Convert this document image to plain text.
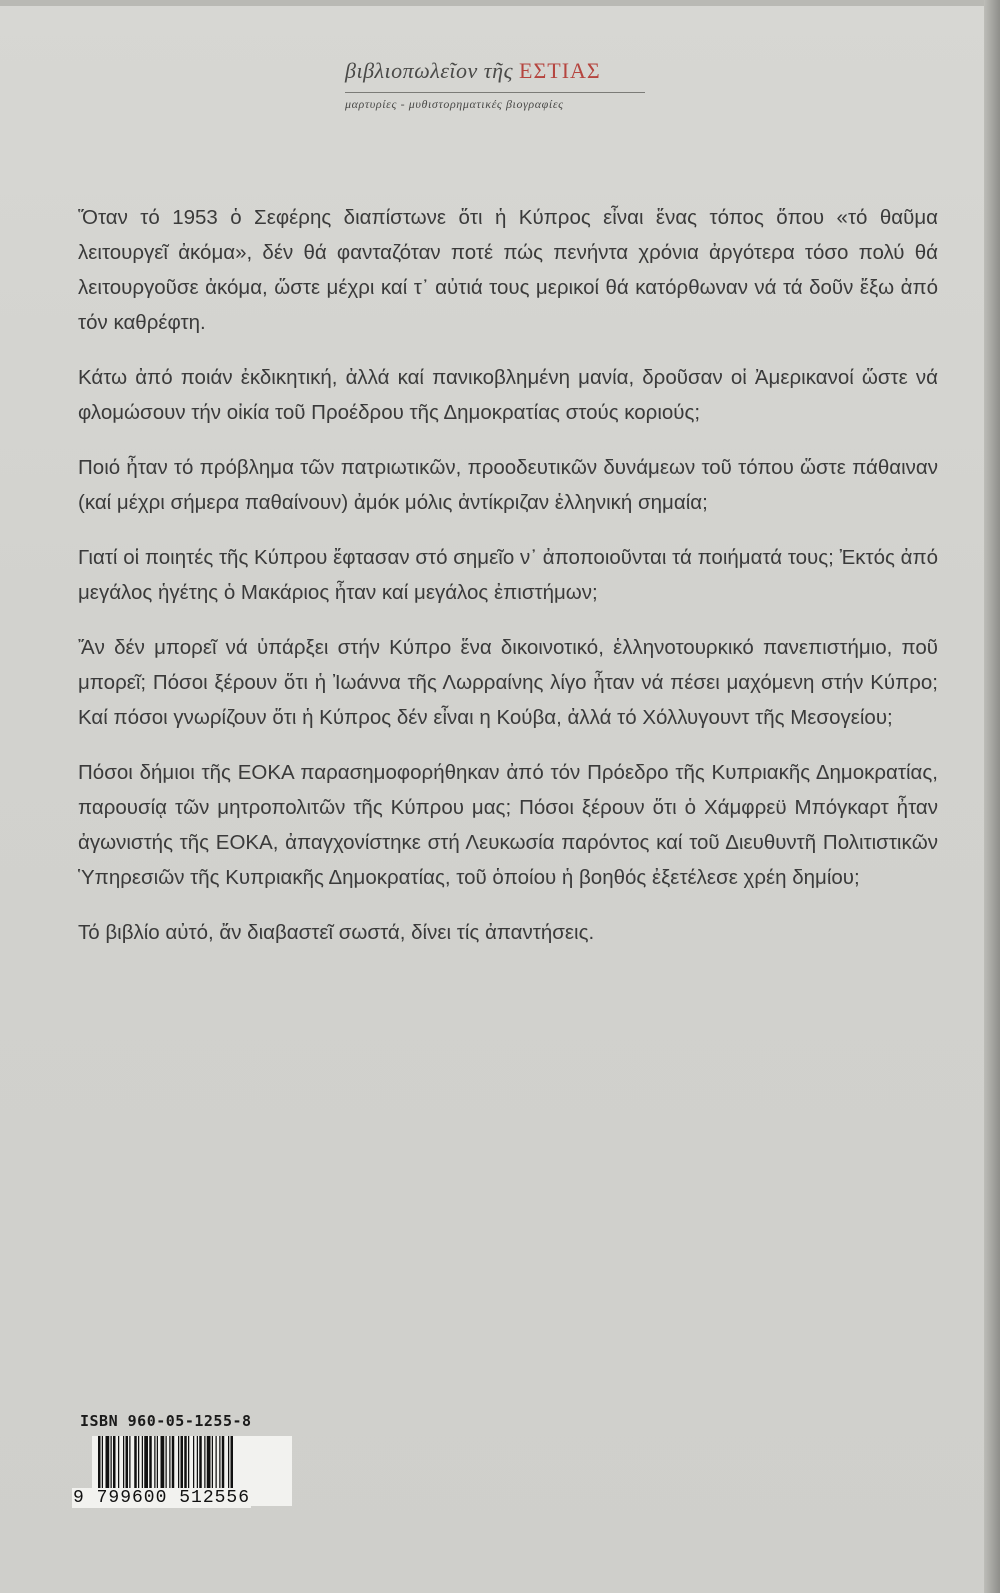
βιβλιοπωλεῖον τῆς ΕΣΤΙΑΣ
μαρτυρίες - μυθιστορηματικές βιογραφίες

Ὅταν τό 1953 ὁ Σεφέρης διαπίστωνε ὅτι ἡ Κύπρος εἶναι ἕνας τόπος ὅπου «τό θαῦμα λειτουργεῖ ἀκόμα», δέν θά φανταζόταν ποτέ πώς πενήντα χρόνια ἀργότερα τόσο πολύ θά λειτουργοῦσε ἀκόμα, ὥστε μέχρι καί τ᾽ αὐτιά τους μερικοί θά κατόρθωναν νά τά δοῦν ἔξω ἀπό τόν καθρέφτη.

Κάτω ἀπό ποιάν ἐκδικητική, ἀλλά καί πανικοβλημένη μανία, δροῦσαν οἱ Ἀμερικανοί ὥστε νά φλομώσουν τήν οἰκία τοῦ Προέδρου τῆς Δημοκρατίας στούς κοριούς;

Ποιό ἦταν τό πρόβλημα τῶν πατριωτικῶν, προοδευτικῶν δυνάμεων τοῦ τόπου ὥστε πάθαιναν (καί μέχρι σήμερα παθαίνουν) ἀμόκ μόλις ἀντίκριζαν ἑλληνική σημαία;

Γιατί οἱ ποιητές τῆς Κύπρου ἔφτασαν στό σημεῖο ν᾽ ἀποποιοῦνται τά ποιήματά τους; Ἐκτός ἀπό μεγάλος ἡγέτης ὁ Μακάριος ἦταν καί μεγάλος ἐπιστήμων;

Ἄν δέν μπορεῖ νά ὑπάρξει στήν Κύπρο ἕνα δικοινοτικό, ἑλληνοτουρκικό πανεπιστήμιο, ποῦ μπορεῖ; Πόσοι ξέρουν ὅτι ἡ Ἰωάννα τῆς Λωρραίνης λίγο ἦταν νά πέσει μαχόμενη στήν Κύπρο; Καί πόσοι γνωρίζουν ὅτι ἡ Κύπρος δέν εἶναι η Κούβα, ἀλλά τό Χόλλυγουντ τῆς Μεσογείου;

Πόσοι δήμιοι τῆς ΕΟΚΑ παρασημοφορήθηκαν ἀπό τόν Πρόεδρο τῆς Κυπριακῆς Δημοκρατίας, παρουσίᾳ τῶν μητροπολιτῶν τῆς Κύπρου μας; Πόσοι ξέρουν ὅτι ὁ Χάμφρεϋ Μπόγκαρτ ἦταν ἀγωνιστής τῆς ΕΟΚΑ, ἀπαγχονίστηκε στή Λευκωσία παρόντος καί τοῦ Διευθυντῆ Πολιτιστικῶν Ὑπηρεσιῶν τῆς Κυπριακῆς Δημοκρατίας, τοῦ ὁποίου ἡ βοηθός ἐξετέλεσε χρέη δημίου;

Τό βιβλίο αὐτό, ἄν διαβαστεῖ σωστά, δίνει τίς ἀπαντήσεις.

ISBN 960-05-1255-8
9 799600 512556
